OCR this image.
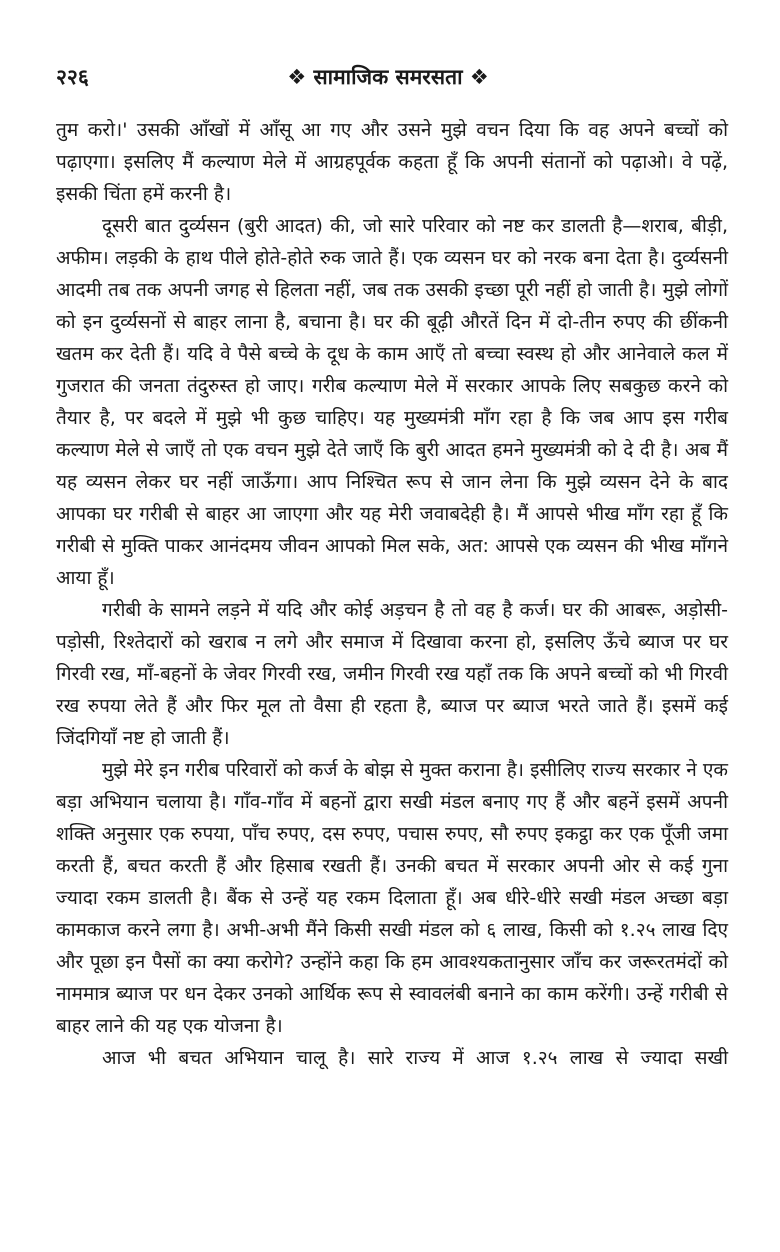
२२६	❖ सामाजिक समरसता ❖

तुम करो।' उसकी आँखों में आँसू आ गए और उसने मुझे वचन दिया कि वह अपने बच्चों को पढ़ाएगा। इसलिए मैं कल्याण मेले में आग्रहपूर्वक कहता हूँ कि अपनी संतानों को पढ़ाओ। वे पढ़ें, इसकी चिंता हमें करनी है।

दूसरी बात दुर्व्यसन (बुरी आदत) की, जो सारे परिवार को नष्ट कर डालती है—शराब, बीड़ी, अफीम। लड़की के हाथ पीले होते-होते रुक जाते हैं। एक व्यसन घर को नरक बना देता है। दुर्व्यसनी आदमी तब तक अपनी जगह से हिलता नहीं, जब तक उसकी इच्छा पूरी नहीं हो जाती है। मुझे लोगों को इन दुर्व्यसनों से बाहर लाना है, बचाना है। घर की बूढ़ी औरतें दिन में दो-तीन रुपए की छींकनी खतम कर देती हैं। यदि वे पैसे बच्चे के दूध के काम आएँ तो बच्चा स्वस्थ हो और आनेवाले कल में गुजरात की जनता तंदुरुस्त हो जाए। गरीब कल्याण मेले में सरकार आपके लिए सबकुछ करने को तैयार है, पर बदले में मुझे भी कुछ चाहिए। यह मुख्यमंत्री माँग रहा है कि जब आप इस गरीब कल्याण मेले से जाएँ तो एक वचन मुझे देते जाएँ कि बुरी आदत हमने मुख्यमंत्री को दे दी है। अब मैं यह व्यसन लेकर घर नहीं जाऊँगा। आप निश्चित रूप से जान लेना कि मुझे व्यसन देने के बाद आपका घर गरीबी से बाहर आ जाएगा और यह मेरी जवाबदेही है। मैं आपसे भीख माँग रहा हूँ कि गरीबी से मुक्ति पाकर आनंदमय जीवन आपको मिल सके, अत: आपसे एक व्यसन की भीख माँगने आया हूँ।

गरीबी के सामने लड़ने में यदि और कोई अड़चन है तो वह है कर्ज। घर की आबरू, अड़ोसी-पड़ोसी, रिश्तेदारों को खराब न लगे और समाज में दिखावा करना हो, इसलिए ऊँचे ब्याज पर घर गिरवी रख, माँ-बहनों के जेवर गिरवी रख, जमीन गिरवी रख यहाँ तक कि अपने बच्चों को भी गिरवी रख रुपया लेते हैं और फिर मूल तो वैसा ही रहता है, ब्याज पर ब्याज भरते जाते हैं। इसमें कई जिंदगियाँ नष्ट हो जाती हैं।

मुझे मेरे इन गरीब परिवारों को कर्ज के बोझ से मुक्त कराना है। इसीलिए राज्य सरकार ने एक बड़ा अभियान चलाया है। गाँव-गाँव में बहनों द्वारा सखी मंडल बनाए गए हैं और बहनें इसमें अपनी शक्ति अनुसार एक रुपया, पाँच रुपए, दस रुपए, पचास रुपए, सौ रुपए इकट्ठा कर एक पूँजी जमा करती हैं, बचत करती हैं और हिसाब रखती हैं। उनकी बचत में सरकार अपनी ओर से कई गुना ज्यादा रकम डालती है। बैंक से उन्हें यह रकम दिलाता हूँ। अब धीरे-धीरे सखी मंडल अच्छा बड़ा कामकाज करने लगा है। अभी-अभी मैंने किसी सखी मंडल को ६ लाख, किसी को १.२५ लाख दिए और पूछा इन पैसों का क्या करोगे? उन्होंने कहा कि हम आवश्यकतानुसार जाँच कर जरूरतमंदों को नाममात्र ब्याज पर धन देकर उनको आर्थिक रूप से स्वावलंबी बनाने का काम करेंगी। उन्हें गरीबी से बाहर लाने की यह एक योजना है।

आज भी बचत अभियान चालू है। सारे राज्य में आज १.२५ लाख से ज्यादा सखी
